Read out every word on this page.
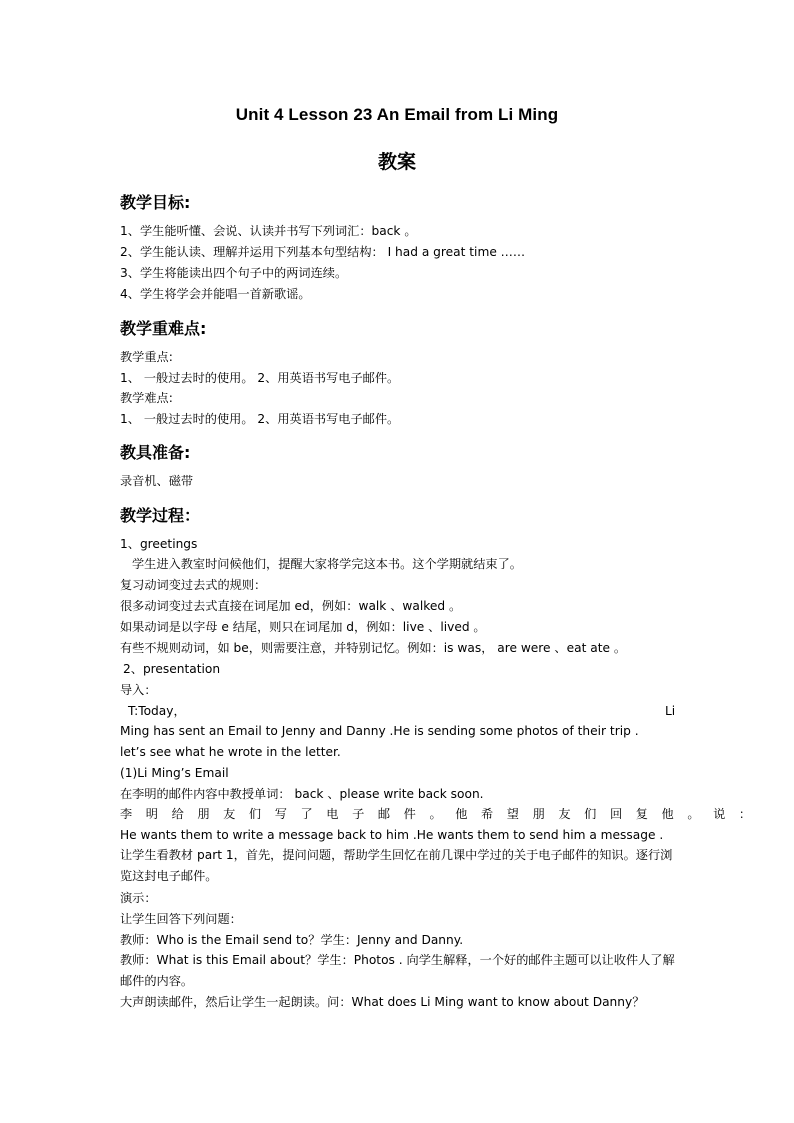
Unit 4 Lesson 23 An Email from Li Ming
教案
教学目标:
1、学生能听懂、会说、认读并书写下列词汇：back 。
2、学生能认读、理解并运用下列基本句型结构： I had a great time ……
3、学生将能读出四个句子中的两词连续。
4、学生将学会并能唱一首新歌谣。
教学重难点:
教学重点:
1、 一般过去时的使用。 2、用英语书写电子邮件。
教学难点:
1、 一般过去时的使用。 2、用英语书写电子邮件。
教具准备:
录音机、磁带
教学过程：
1、greetings
学生进入教室时问候他们，提醒大家将学完这本书。这个学期就结束了。
复习动词变过去式的规则：
很多动词变过去式直接在词尾加 ed，例如：walk 、walked 。
如果动词是以字母 e 结尾，则只在词尾加 d，例如：live 、lived 。
有些不规则动词，如 be，则需要注意，并特别记忆。例如：is was， are were 、eat ate 。
2、presentation
导入：
T:Today，	Li
Ming has sent an Email to Jenny and Danny .He is sending some photos of their trip .
let’s see what he wrote in the letter.
(1)Li Ming’s Email
在李明的邮件内容中教授单词： back 、please write back soon.
李明给朋友们写了电子邮件。他希望朋友们回复他。说：
He wants them to write a message back to him .He wants them to send him a message .
让学生看教材 part 1，首先，提问问题，帮助学生回忆在前几课中学过的关于电子邮件的知识。逐行浏览这封电子邮件。
演示：
让学生回答下列问题：
教师：Who is the Email send to？学生：Jenny and Danny.
教师：What is this Email about？学生：Photos . 向学生解释，一个好的邮件主题可以让收件人了解邮件的内容。
大声朗读邮件，然后让学生一起朗读。问：What does Li Ming want to know about Danny？
